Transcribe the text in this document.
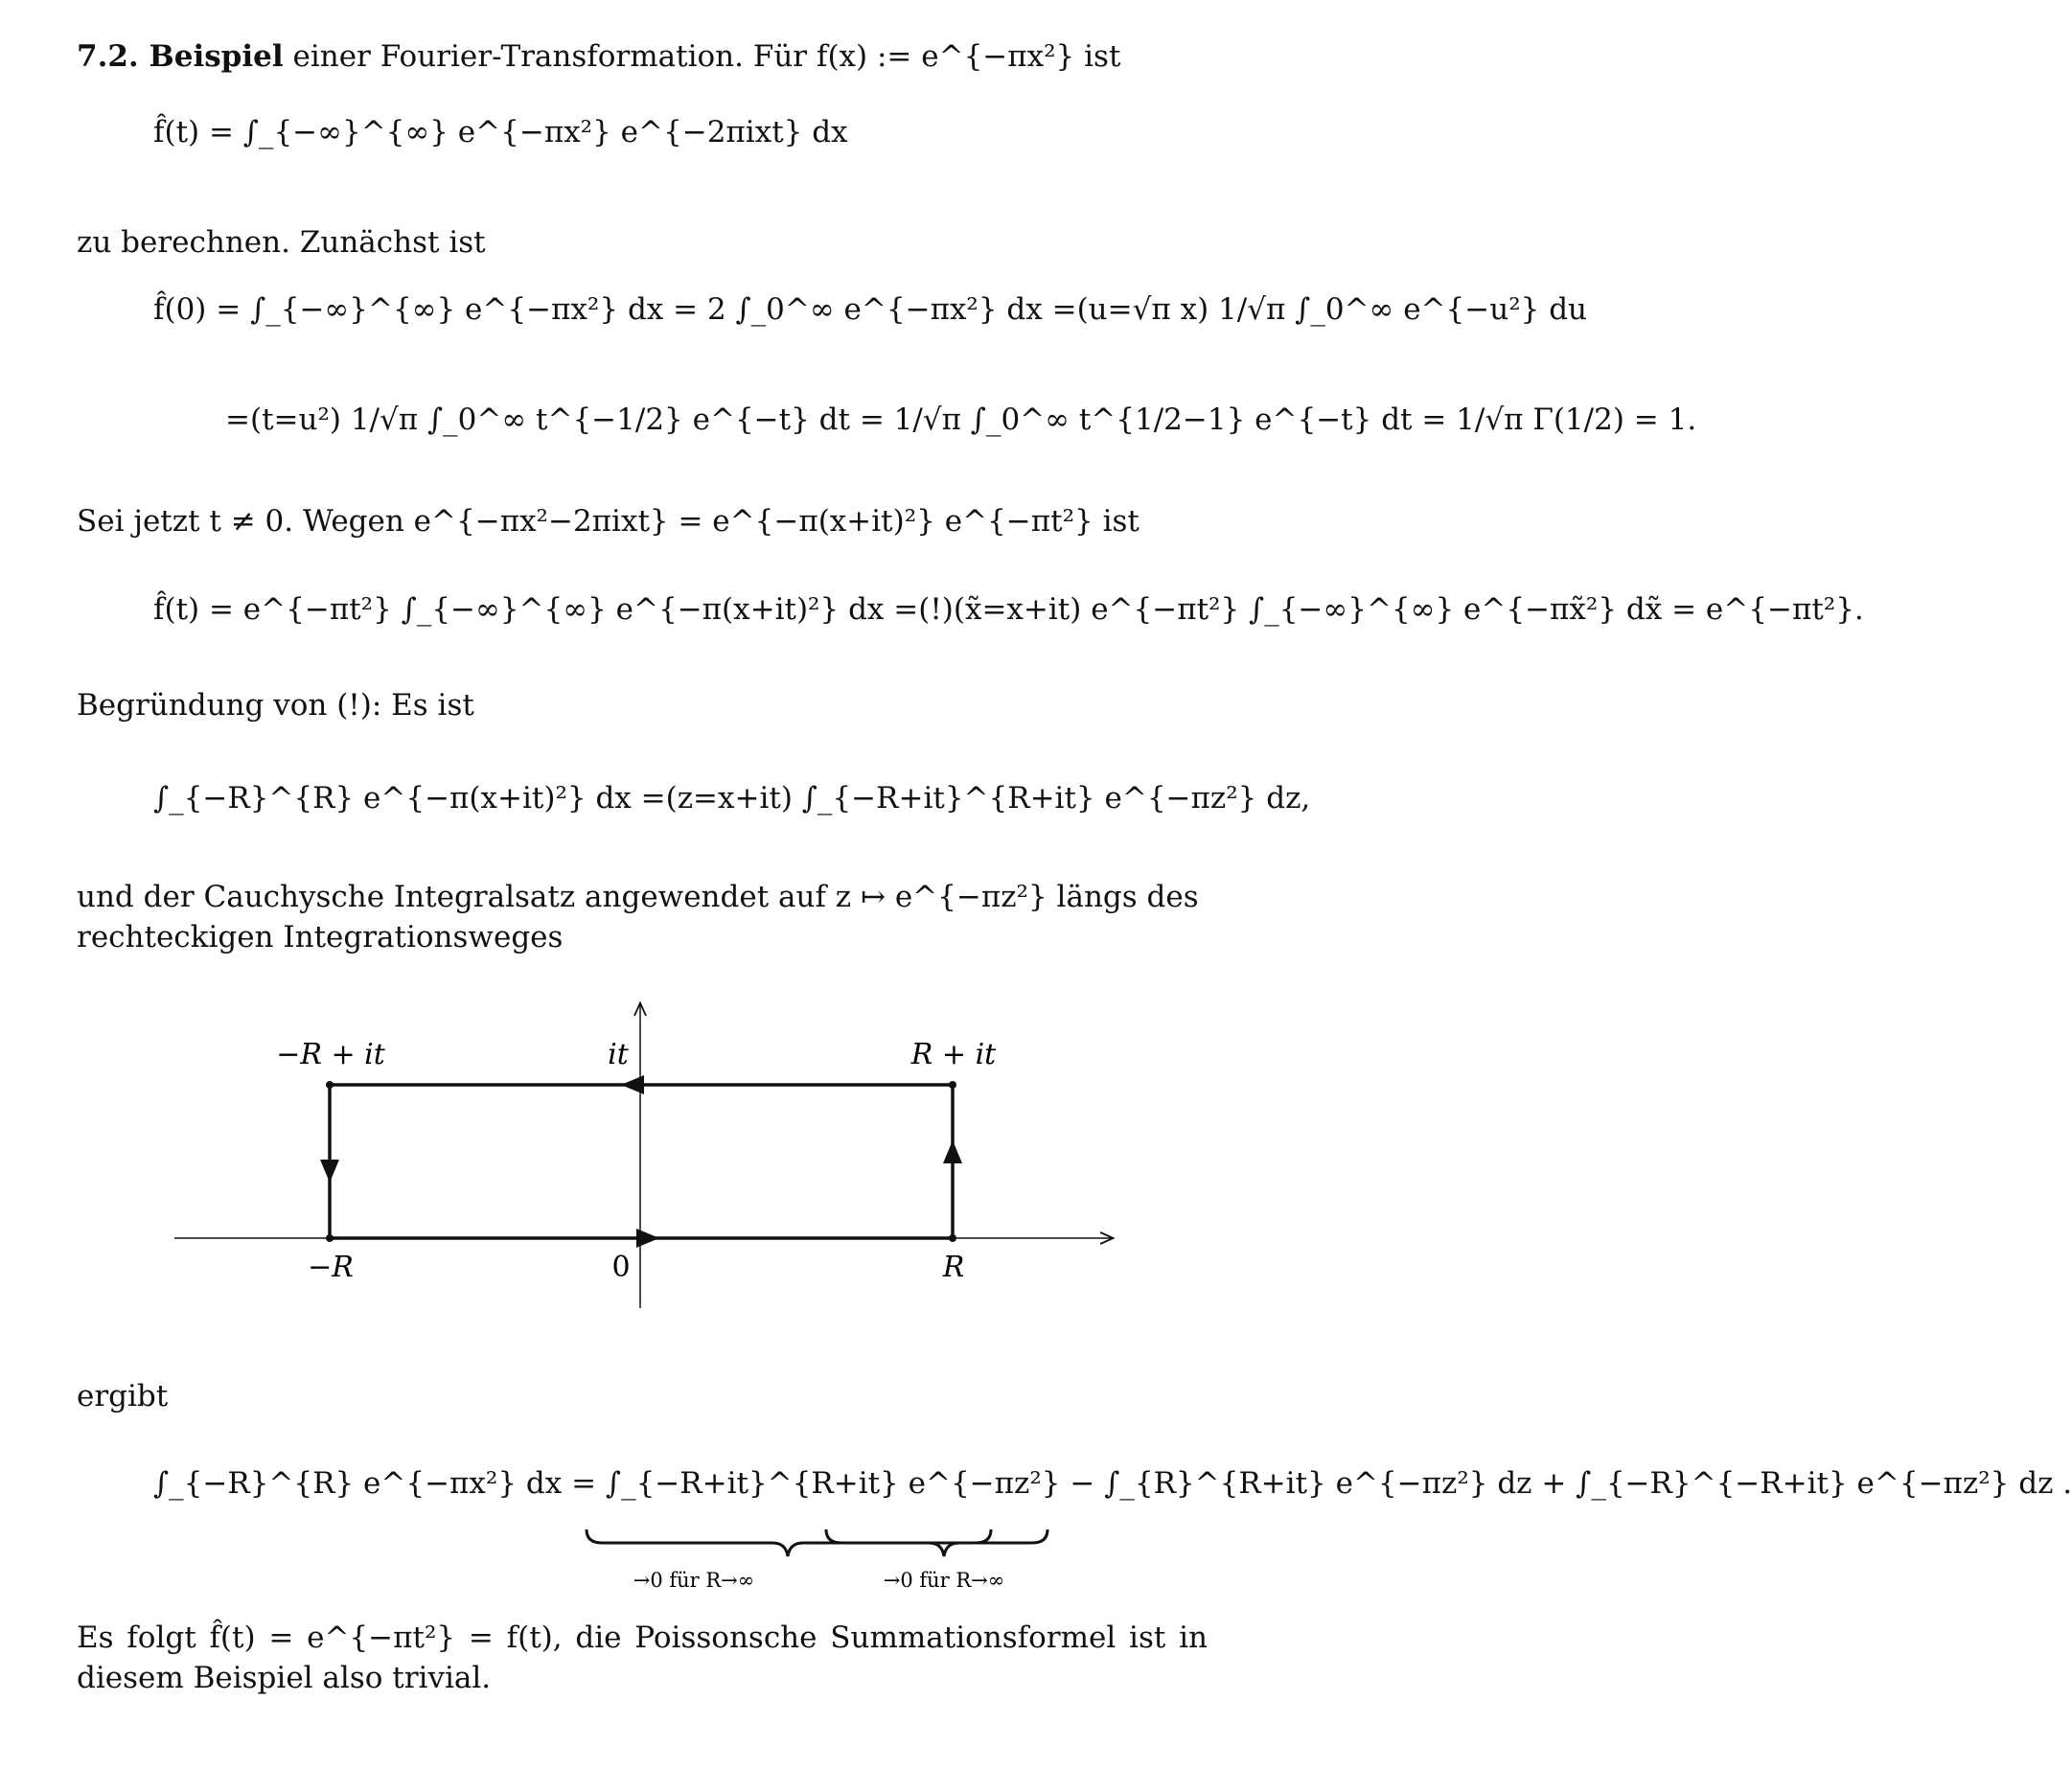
7.2. Beispiel einer Fourier-Transformation. Für f(x) := e^{−πx²} ist
f̂(t) = ∫_{−∞}^{∞} e^{−πx²} e^{−2πixt} dx
zu berechnen. Zunächst ist
f̂(0) = ∫_{−∞}^{∞} e^{−πx²} dx = 2 ∫_0^∞ e^{−πx²} dx =(u=√π x) 1/√π ∫_0^∞ e^{−u²} du
=(t=u²) 1/√π ∫_0^∞ t^{−1/2} e^{−t} dt = 1/√π ∫_0^∞ t^{1/2−1} e^{−t} dt = 1/√π Γ(1/2) = 1.
Sei jetzt t ≠ 0. Wegen e^{−πx²−2πixt} = e^{−π(x+it)²} e^{−πt²} ist
f̂(t) = e^{−πt²} ∫_{−∞}^{∞} e^{−π(x+it)²} dx =(!)(x̃=x+it) e^{−πt²} ∫_{−∞}^{∞} e^{−πx̃²} dx̃ = e^{−πt²}.
Begründung von (!): Es ist
∫_{−R}^{R} e^{−π(x+it)²} dx =(z=x+it) ∫_{−R+it}^{R+it} e^{−πz²} dz,
und der Cauchysche Integralsatz angewendet auf z ↦ e^{−πz²} längs des rechteckigen Integrationsweges
−R + it	it	R + it
−R	0	R
ergibt
∫_{−R}^{R} e^{−πx²} dx = ∫_{−R+it}^{R+it} e^{−πz²} − ∫_{R}^{R+it} e^{−πz²} dz + ∫_{−R}^{−R+it} e^{−πz²} dz .
→0 für R→∞	→0 für R→∞
Es folgt f̂(t) = e^{−πt²} = f(t), die Poissonsche Summationsformel ist in diesem Beispiel also trivial.
